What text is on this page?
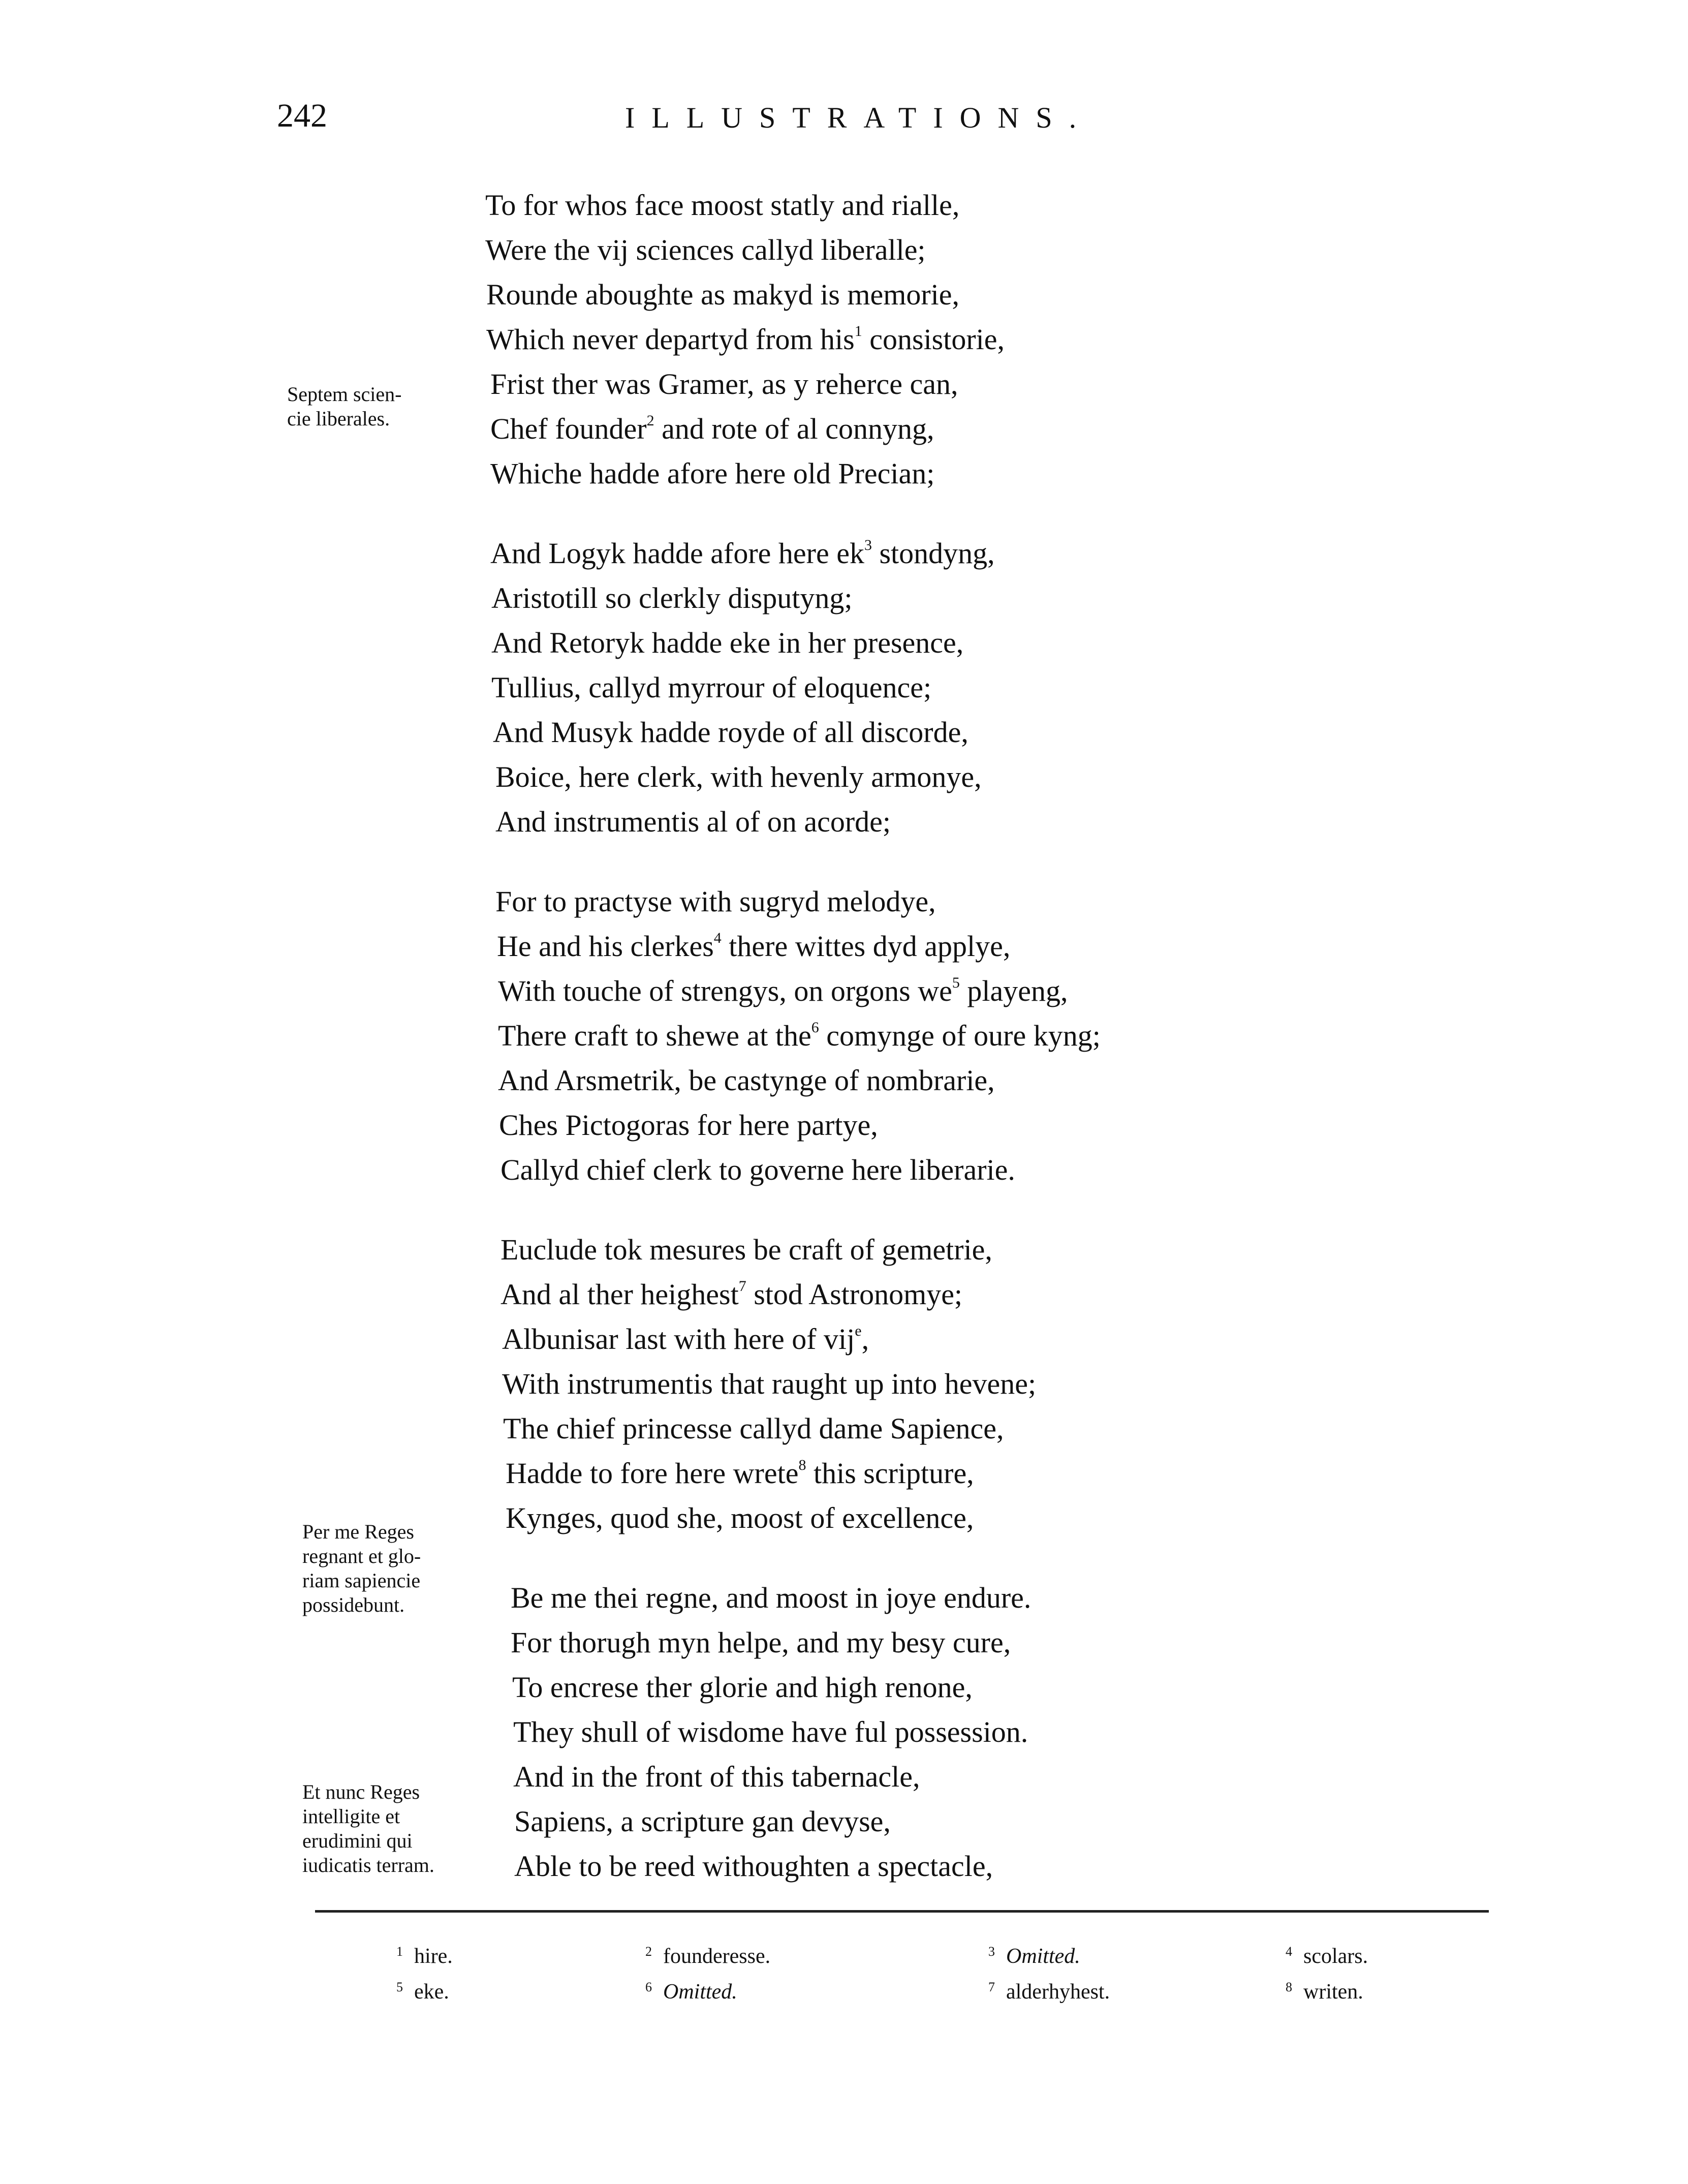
242	ILLUSTRATIONS.
To for whos face moost statly and rialle,
Were the vij sciences callyd liberalle;
Rounde aboughte as makyd is memorie,
Which never departyd from his$^1$ consistorie,
Frist ther was Gramer, as y reherce can,
Chef founder$^2$ and rote of al connyng,
Whiche hadde afore here old Precian;
And Logyk hadde afore here $ek^3$ stondyng,
Aristotill so clerkly disputyng;
And Retoryk hadde eke in her presence,
Tullius, callyd myrrour of eloquence;
And Musyk hadde royde of all discorde,
Boice, here clerk, with hevenly armonye,
And instrumentis al of on acorde;
For to practyse with sugryd melodye,
He and his clerkes$^4$ there wittes dyd applye,
With touche of strengys, on orgons $we^5$ playeng,
There craft to shewe at the$^6$ comynge of oure kyng;
And Arsmetrik, be castynge of nombrarie,
Ches Pictogoras for here partye,
Callyd chief clerk to governe here liberarie.
Euclude tok mesures be craft of gemetrie,
And al ther heighest$^7$ stod Astronomye;
Albunisar last with here of vij$^e$,
With instrumentis that raught up into hevene;
The chief princesse callyd dame Sapience,
Hadde to fore here wrete$^8$ this scripture,
Kynges, quod she, moost of excellence,
Be me thei regne, and moost in joye endure.
For thorugh myn helpe, and my besy cure,
To encrese ther glorie and high renone,
They shull of wisdome have ful possession.
And in the front of this tabernacle,
Sapiens, a scripture gan devyse,
Able to be reed withoughten a spectacle,
Septem scien-
cie liberales.
Per me Reges
regnant et glo-
riam sapiencie
possidebunt.
Et nunc Reges
intelligite et
erudimini qui
iudicatis terram.
$^1$ hire.	$^2$ founderesse.	$^3$ Omitted.	$^4$ scolars.
$^5$ eke.	$^6$ Omitted.	$^7$ alderhyhest.	$^8$ writen.
